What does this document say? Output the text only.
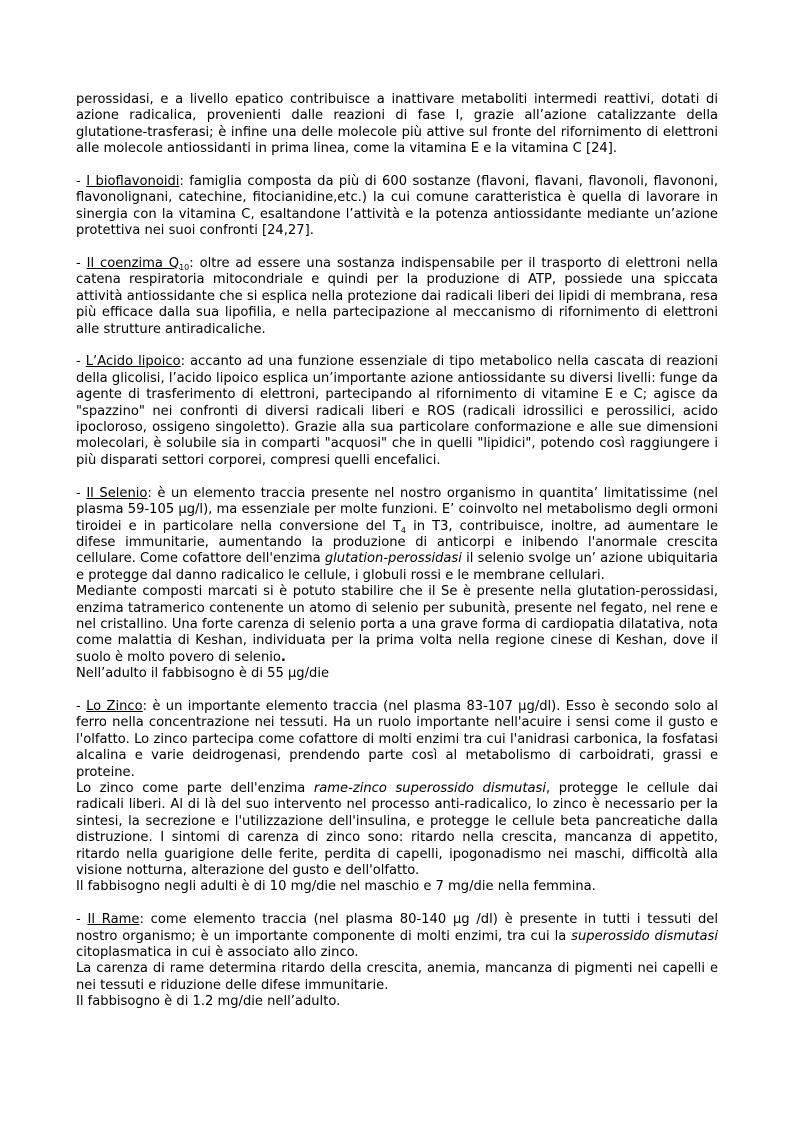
perossidasi, e a livello epatico contribuisce a inattivare metaboliti intermedi reattivi, dotati di azione radicalica, provenienti dalle reazioni di fase I, grazie all’azione catalizzante della glutatione-trasferasi; è infine una delle molecole più attive sul fronte del rifornimento di elettroni alle molecole antiossidanti in prima linea, come la vitamina E e la vitamina C [24].

- I bioflavonoidi: famiglia composta da più di 600 sostanze (flavoni, flavani, flavonoli, flavononi, flavonolignani, catechine, fitocianidine,etc.) la cui comune caratteristica è quella di lavorare in sinergia con la vitamina C, esaltandone l’attività e la potenza antiossidante mediante un’azione protettiva nei suoi confronti [24,27].

- Il coenzima $Q_{10}$: oltre ad essere una sostanza indispensabile per il trasporto di elettroni nella catena respiratoria mitocondriale e quindi per la produzione di ATP, possiede una spiccata attività antiossidante che si esplica nella protezione dai radicali liberi dei lipidi di membrana, resa più efficace dalla sua lipofilia, e nella partecipazione al meccanismo di rifornimento di elettroni alle strutture antiradicaliche.

- L’Acido lipoico: accanto ad una funzione essenziale di tipo metabolico nella cascata di reazioni della glicolisi, l’acido lipoico esplica un’importante azione antiossidante su diversi livelli: funge da agente di trasferimento di elettroni, partecipando al rifornimento di vitamine E e C; agisce da "spazzino" nei confronti di diversi radicali liberi e ROS (radicali idrossilici e perossilici, acido ipocloroso, ossigeno singoletto). Grazie alla sua particolare conformazione e alle sue dimensioni molecolari, è solubile sia in comparti "acquosi" che in quelli "lipidici", potendo così raggiungere i più disparati settori corporei, compresi quelli encefalici.

- Il Selenio: è un elemento traccia presente nel nostro organismo in quantita’ limitatissime (nel plasma 59-105 µg/l), ma essenziale per molte funzioni. E’ coinvolto nel metabolismo degli ormoni tiroidei e in particolare nella conversione del $T_4$ in T3, contribuisce, inoltre, ad aumentare le difese immunitarie, aumentando la produzione di anticorpi e inibendo l'anormale crescita cellulare. Come cofattore dell'enzima glutation-perossidasi il selenio svolge un’ azione ubiquitaria e protegge dal danno radicalico le cellule, i globuli rossi e le membrane cellulari.

Mediante composti marcati si è potuto stabilire che il Se è presente nella glutation-perossidasi, enzima tatramerico contenente un atomo di selenio per subunità, presente nel fegato, nel rene e nel cristallino. Una forte carenza di selenio porta a una grave forma di cardiopatia dilatativa, nota come malattia di Keshan, individuata per la prima volta nella regione cinese di Keshan, dove il suolo è molto povero di selenio.

Nell’adulto il fabbisogno è di 55 µg/die

- Lo Zinco: è un importante elemento traccia (nel plasma 83-107 µg/dl). Esso è secondo solo al ferro nella concentrazione nei tessuti. Ha un ruolo importante nell'acuire i sensi come il gusto e l'olfatto. Lo zinco partecipa come cofattore di molti enzimi tra cui l'anidrasi carbonica, la fosfatasi alcalina e varie deidrogenasi, prendendo parte così al metabolismo di carboidrati, grassi e proteine.

Lo zinco come parte dell'enzima rame-zinco superossido dismutasi, protegge le cellule dai radicali liberi. Al di là del suo intervento nel processo anti-radicalico, lo zinco è necessario per la sintesi, la secrezione e l'utilizzazione dell'insulina, e protegge le cellule beta pancreatiche dalla distruzione. I sintomi di carenza di zinco sono: ritardo nella crescita, mancanza di appetito, ritardo nella guarigione delle ferite, perdita di capelli, ipogonadismo nei maschi, difficoltà alla visione notturna, alterazione del gusto e dell'olfatto.

Il fabbisogno negli adulti è di 10 mg/die nel maschio e 7 mg/die nella femmina.

- Il Rame: come elemento traccia (nel plasma 80-140 µg /dl) è presente in tutti i tessuti del nostro organismo; è un importante componente di molti enzimi, tra cui la superossido dismutasi citoplasmatica in cui è associato allo zinco.

La carenza di rame determina ritardo della crescita, anemia, mancanza di pigmenti nei capelli e nei tessuti e riduzione delle difese immunitarie.

Il fabbisogno è di 1.2 mg/die nell’adulto.
